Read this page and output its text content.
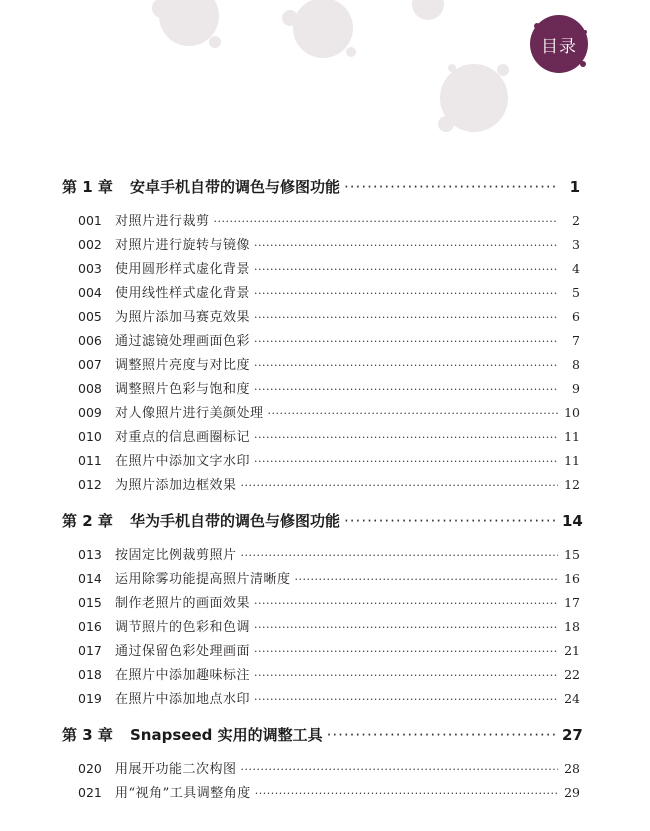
目录
第 1 章	安卓手机自带的调色与修图功能 ·····	1
001	对照片进行裁剪 ·····	2
002	对照片进行旋转与镜像 ·····	3
003	使用圆形样式虚化背景 ·····	4
004	使用线性样式虚化背景 ·····	5
005	为照片添加马赛克效果 ·····	6
006	通过滤镜处理画面色彩 ·····	7
007	调整照片亮度与对比度 ·····	8
008	调整照片色彩与饱和度 ·····	9
009	对人像照片进行美颜处理 ·····	10
010	对重点的信息画圈标记 ·····	11
011	在照片中添加文字水印 ·····	11
012	为照片添加边框效果 ·····	12
第 2 章	华为手机自带的调色与修图功能 ·····	14
013	按固定比例裁剪照片 ·····	15
014	运用除雾功能提高照片清晰度 ·····	16
015	制作老照片的画面效果 ·····	17
016	调节照片的色彩和色调 ·····	18
017	通过保留色彩处理画面 ·····	21
018	在照片中添加趣味标注 ·····	22
019	在照片中添加地点水印 ·····	24
第 3 章	Snapseed 实用的调整工具 ·····	27
020	用展开功能二次构图 ·····	28
021	用“视角”工具调整角度 ·····	29
